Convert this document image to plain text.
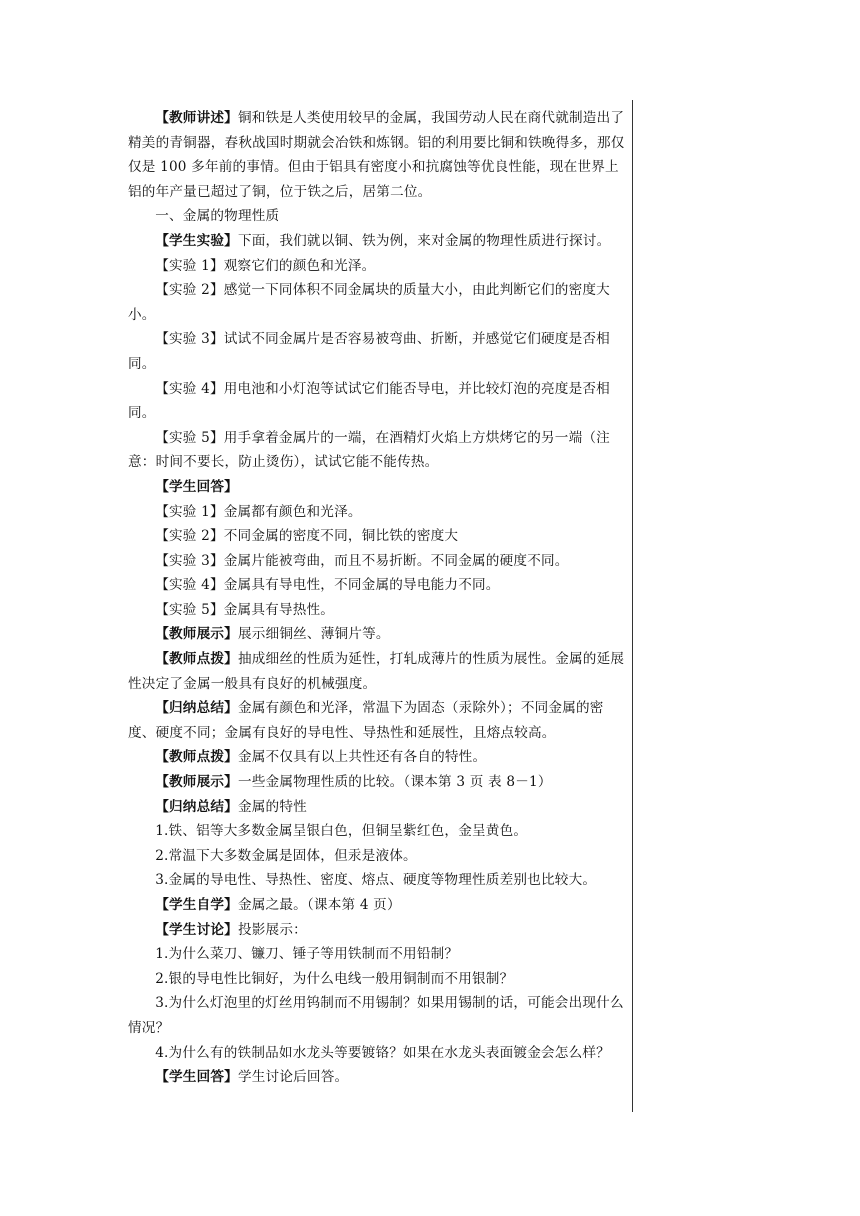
【教师讲述】铜和铁是人类使用较早的金属，我国劳动人民在商代就制造出了精美的青铜器，春秋战国时期就会冶铁和炼钢。铝的利用要比铜和铁晚得多，那仅仅是 100 多年前的事情。但由于铝具有密度小和抗腐蚀等优良性能，现在世界上铝的年产量已超过了铜，位于铁之后，居第二位。

一、金属的物理性质

【学生实验】下面，我们就以铜、铁为例，来对金属的物理性质进行探讨。

【实验 1】观察它们的颜色和光泽。

【实验 2】感觉一下同体积不同金属块的质量大小，由此判断它们的密度大小。

【实验 3】试试不同金属片是否容易被弯曲、折断，并感觉它们硬度是否相同。

【实验 4】用电池和小灯泡等试试它们能否导电，并比较灯泡的亮度是否相同。

【实验 5】用手拿着金属片的一端，在酒精灯火焰上方烘烤它的另一端（注意：时间不要长，防止烫伤），试试它能不能传热。

【学生回答】

【实验 1】金属都有颜色和光泽。

【实验 2】不同金属的密度不同，铜比铁的密度大

【实验 3】金属片能被弯曲，而且不易折断。不同金属的硬度不同。

【实验 4】金属具有导电性，不同金属的导电能力不同。

【实验 5】金属具有导热性。

【教师展示】展示细铜丝、薄铜片等。

【教师点拨】抽成细丝的性质为延性，打轧成薄片的性质为展性。金属的延展性决定了金属一般具有良好的机械强度。

【归纳总结】金属有颜色和光泽，常温下为固态（汞除外）；不同金属的密度、硬度不同；金属有良好的导电性、导热性和延展性，且熔点较高。

【教师点拨】金属不仅具有以上共性还有各自的特性。

【教师展示】一些金属物理性质的比较。（课本第 3 页 表 8－1）

【归纳总结】金属的特性

1.铁、铝等大多数金属呈银白色，但铜呈紫红色，金呈黄色。

2.常温下大多数金属是固体，但汞是液体。

3.金属的导电性、导热性、密度、熔点、硬度等物理性质差别也比较大。

【学生自学】金属之最。（课本第 4 页）

【学生讨论】投影展示：

1.为什么菜刀、镰刀、锤子等用铁制而不用铅制？

2.银的导电性比铜好，为什么电线一般用铜制而不用银制？

3.为什么灯泡里的灯丝用钨制而不用锡制？如果用锡制的话，可能会出现什么情况？

4.为什么有的铁制品如水龙头等要镀铬？如果在水龙头表面镀金会怎么样？

【学生回答】学生讨论后回答。
